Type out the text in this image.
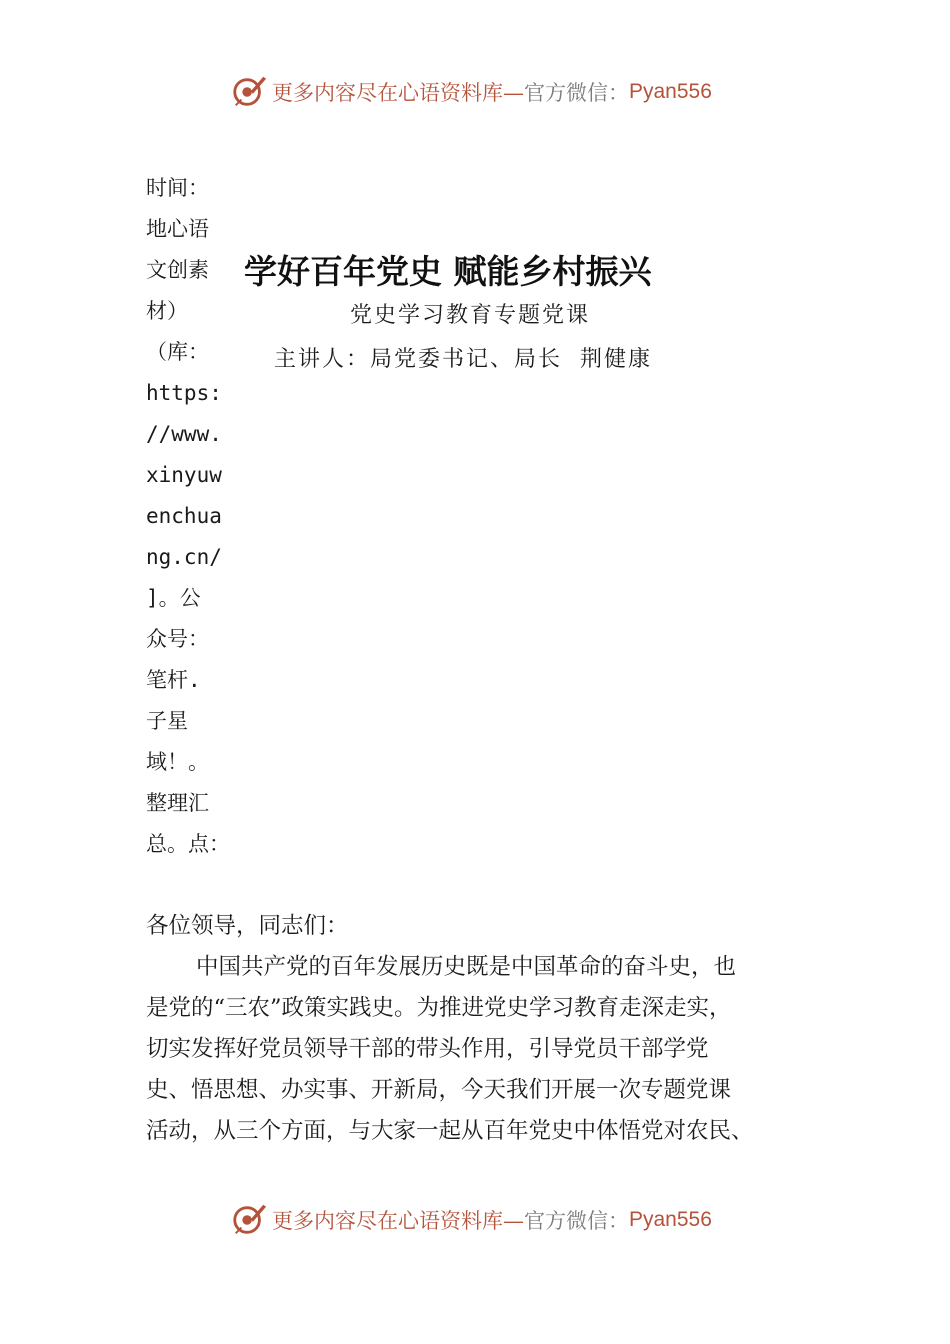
更多内容尽在心语资料库— 官方微信： Pyan556
时间：
地心语
文创素
材）
（库：
https:
//www.
xinyuw
enchua
ng.cn/
]。公
众号：
笔杆.
子星
域！。
整理汇
总。点：
学好百年党史 赋能乡村振兴
党史学习教育专题党课
主讲人：局党委书记、局长  荆健康
各位领导，同志们：
中国共产党的百年发展历史既是中国革命的奋斗史，也
是党的“三农”政策实践史。为推进党史学习教育走深走实，
切实发挥好党员领导干部的带头作用，引导党员干部学党
史、悟思想、办实事、开新局，今天我们开展一次专题党课
活动，从三个方面，与大家一起从百年党史中体悟党对农民、
更多内容尽在心语资料库— 官方微信： Pyan556
